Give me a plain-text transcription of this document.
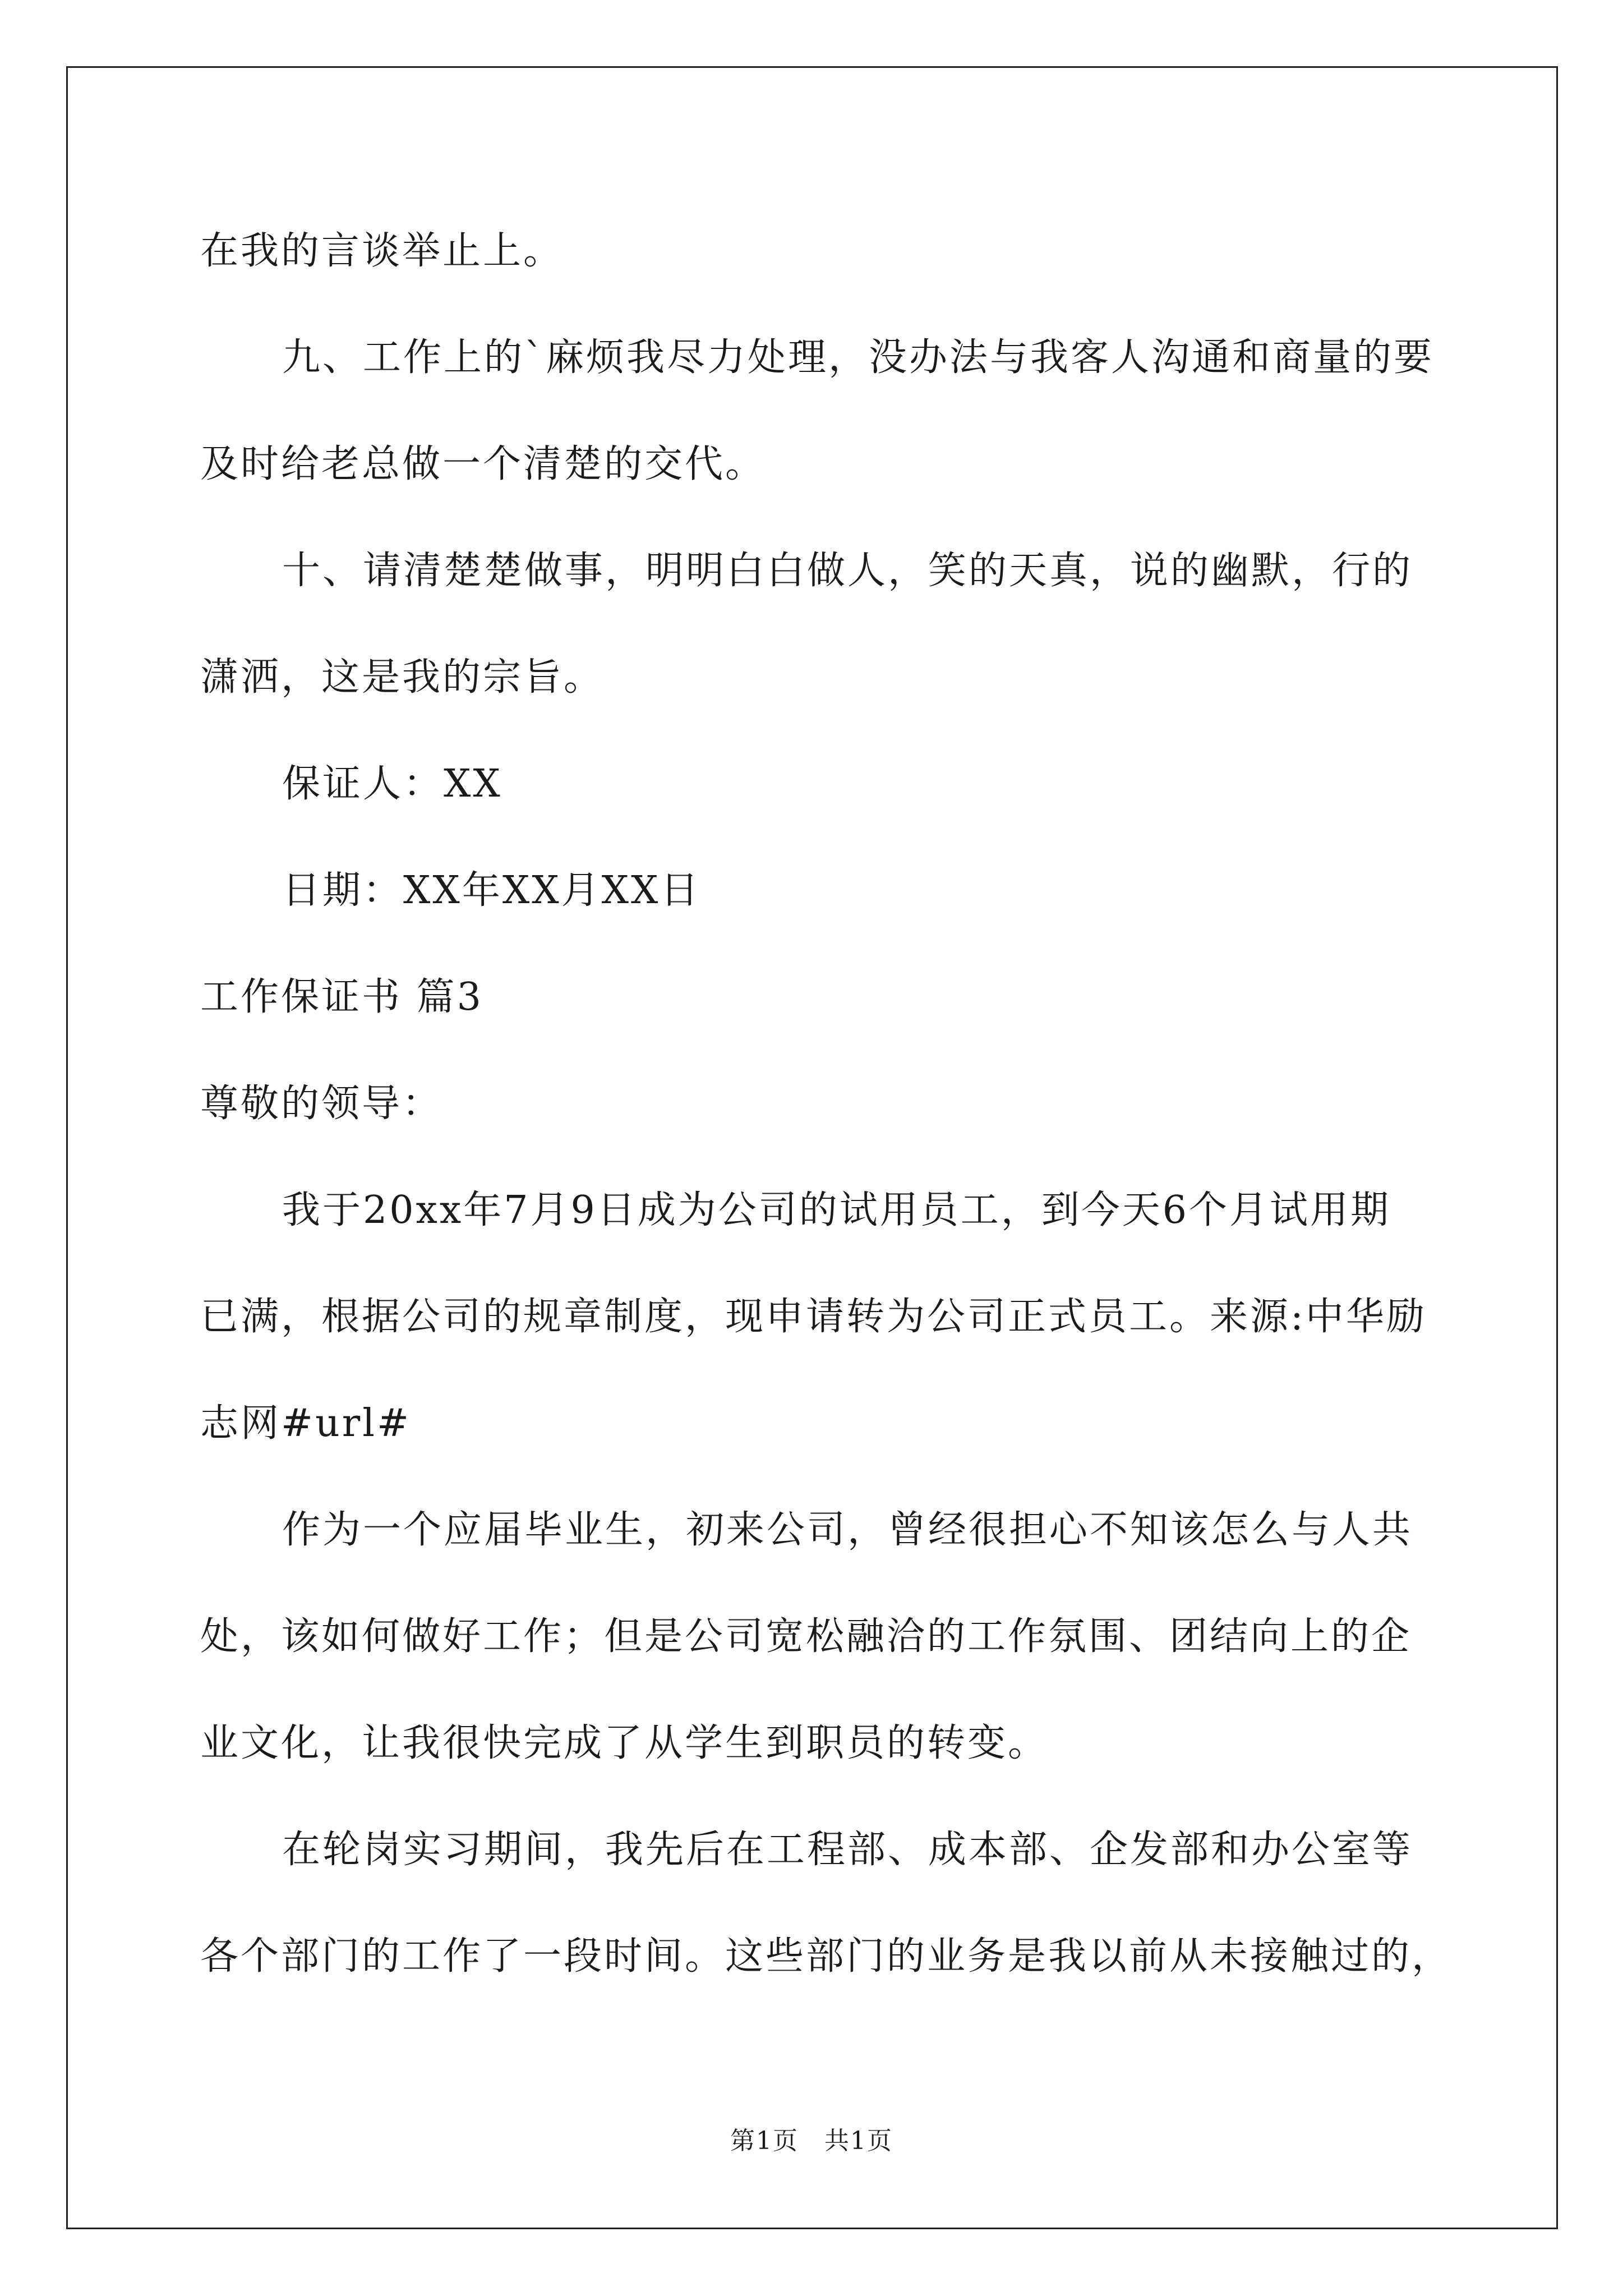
在我的言谈举止上。
九、工作上的`麻烦我尽力处理，没办法与我客人沟通和商量的要
及时给老总做一个清楚的交代。
十、请清楚楚做事，明明白白做人，笑的天真，说的幽默，行的
潇洒，这是我的宗旨。
保证人：XX
日期：XX年XX月XX日
工作保证书 篇3
尊敬的领导：
我于20xx年7月9日成为公司的试用员工，到今天6个月试用期
已满，根据公司的规章制度，现申请转为公司正式员工。来源:中华励
志网#url#
作为一个应届毕业生，初来公司，曾经很担心不知该怎么与人共
处，该如何做好工作；但是公司宽松融洽的工作氛围、团结向上的企
业文化，让我很快完成了从学生到职员的转变。
在轮岗实习期间，我先后在工程部、成本部、企发部和办公室等
各个部门的工作了一段时间。这些部门的业务是我以前从未接触过的，
第1页　共1页
